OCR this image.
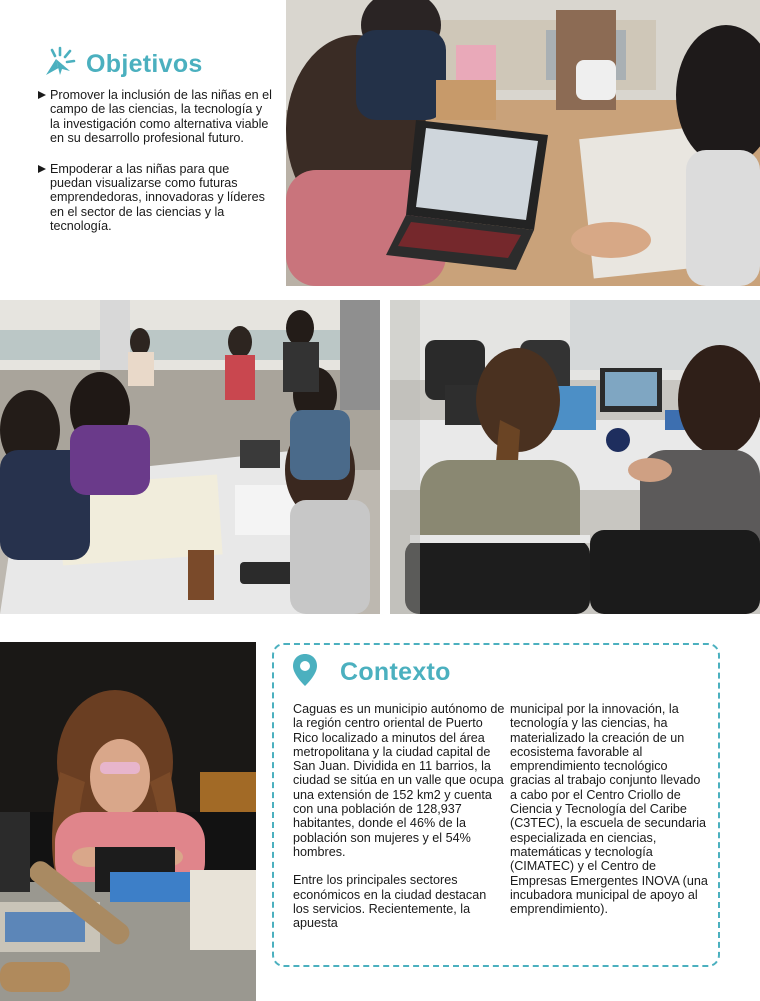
Objetivos
Promover la inclusión de las niñas en el campo de las ciencias, la tecnología y la investigación como alternativa viable en su desarrollo profesional futuro.
Empoderar a las niñas para que puedan visualizarse como futuras emprendedoras, innovadoras y líderes en el sector de las ciencias y la tecnología.
Contexto

Caguas es un municipio autónomo de la región centro oriental de Puerto Rico localizado a minutos del área metropolitana y la ciudad capital de San Juan. Dividida en 11 barrios, la ciudad se sitúa en un valle que ocupa una extensión de 152 km2 y cuenta con una población de 128,937 habitantes, donde el 46% de la población son mujeres y el 54% hombres.

Entre los principales sectores económicos en la ciudad destacan los servicios. Recientemente, la apuesta

municipal por la innovación, la tecnología y las ciencias, ha materializado la creación de un ecosistema favorable al emprendimiento tecnológico gracias al trabajo conjunto llevado a cabo por el Centro Criollo de Ciencia y Tecnología del Caribe (C3TEC), la escuela de secundaria especializada en ciencias, matemáticas y tecnología (CIMATEC) y el Centro de Empresas Emergentes INOVA (una incubadora municipal de apoyo al emprendimiento).
